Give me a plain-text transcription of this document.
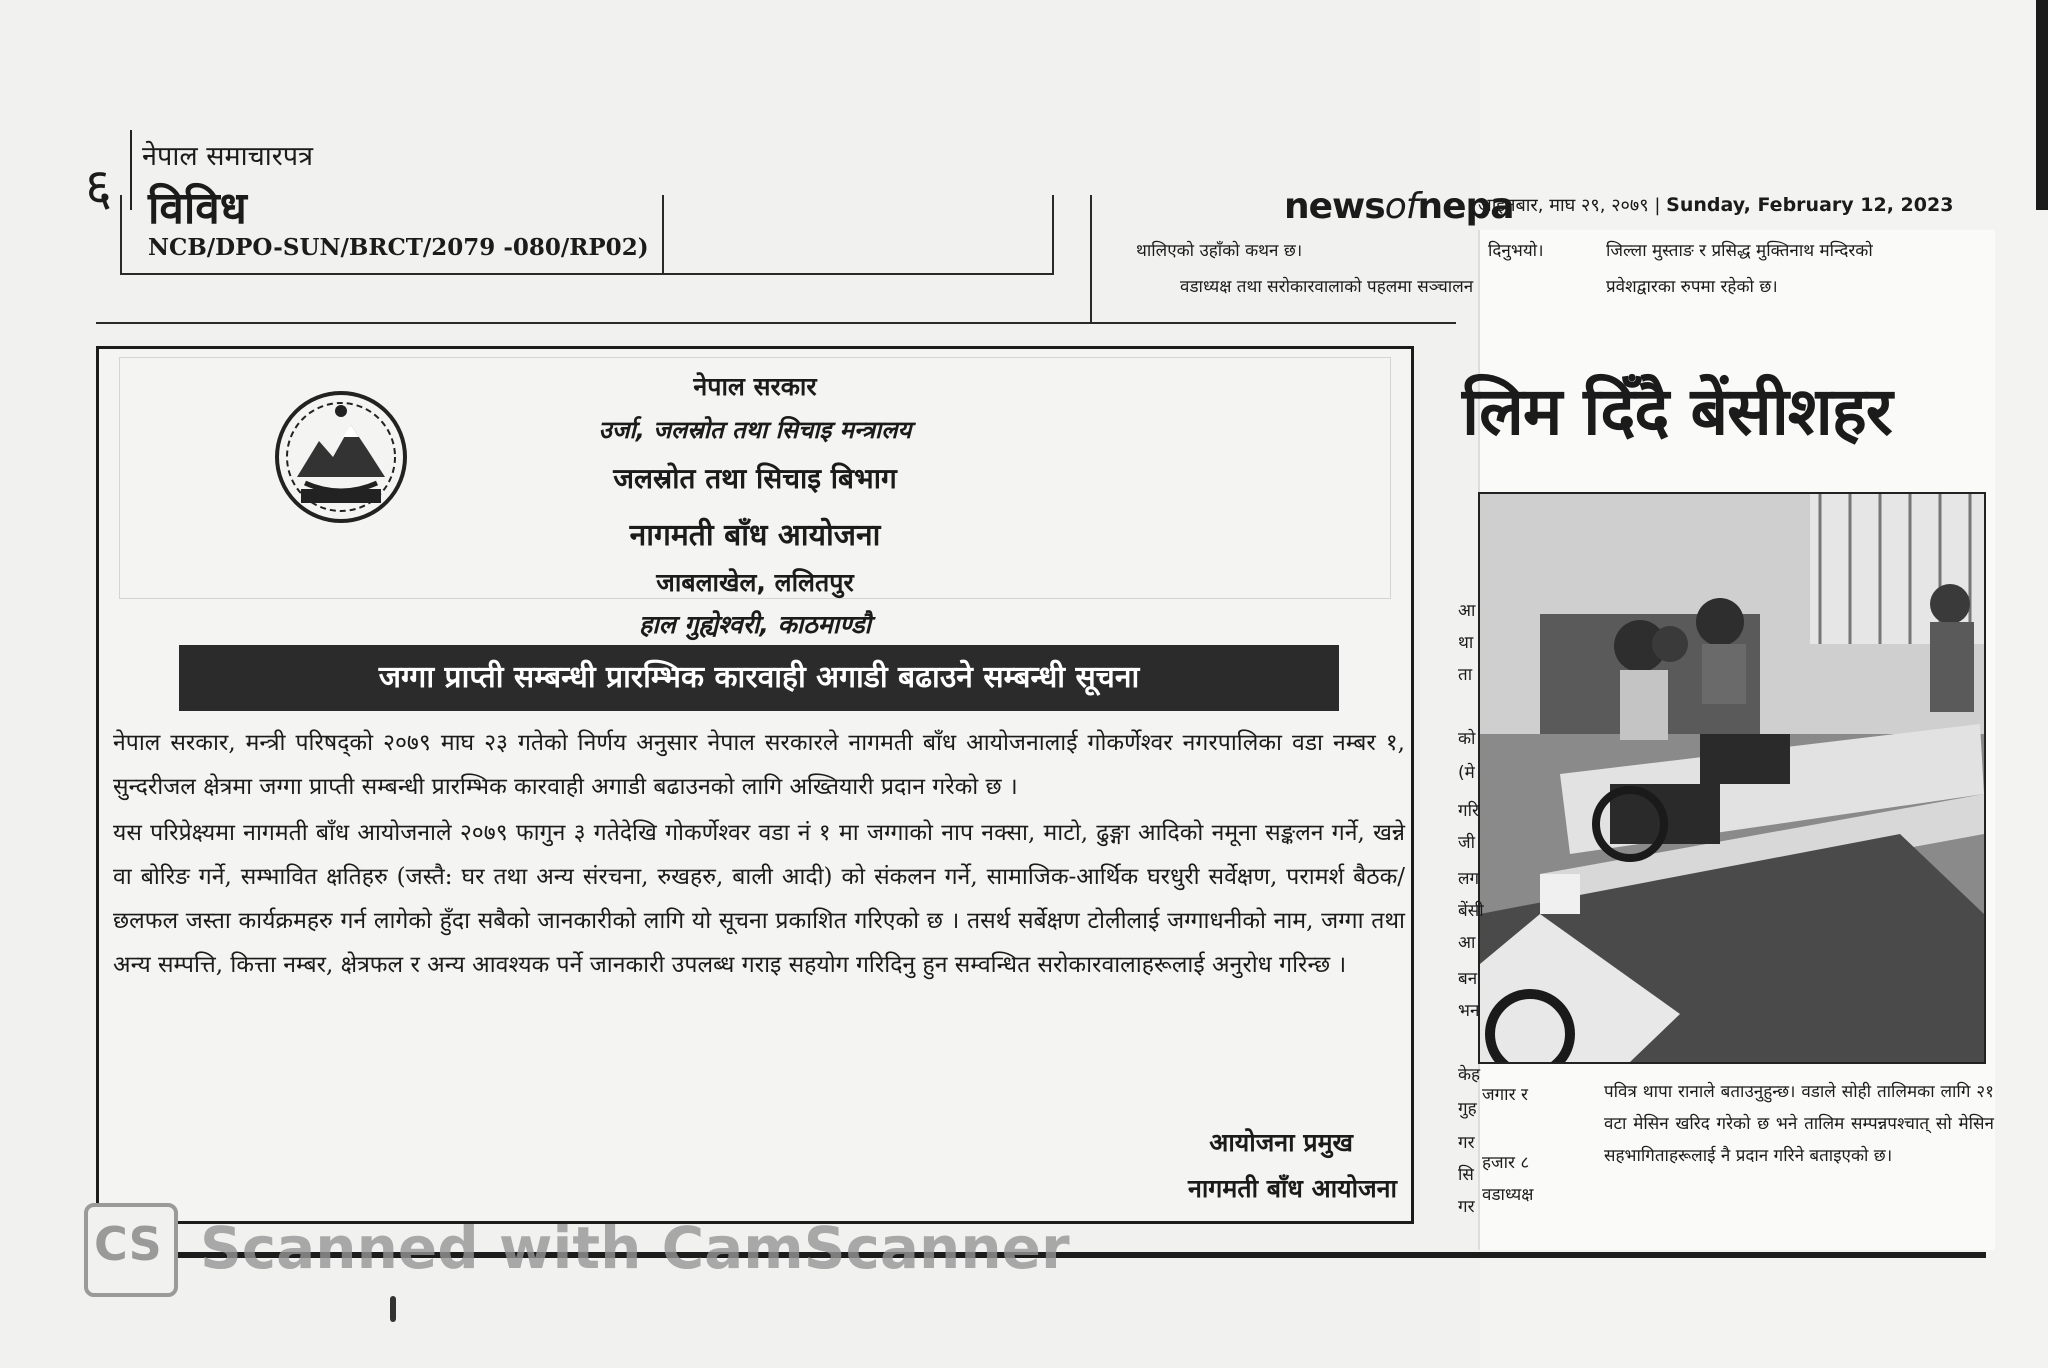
६
नेपाल समाचारपत्र
विविध	newsofnepa
आइतबार, माघ २९, २०७९ | Sunday, February 12, 2023
NCB/DPO-SUN/BRCT/2079 -080/RP02)	थालिएको उहाँको कथन छ।
वडाध्यक्ष तथा सरोकारवालाको पहलमा सञ्चालन
दिनुभयो।	जिल्ला मुस्ताङ र प्रसिद्ध मुक्तिनाथ मन्दिरको
प्रवेशद्वारका रुपमा रहेको छ।
नेपाल सरकार
उर्जा, जलस्रोत तथा सिचाइ मन्त्रालय
जलस्रोत तथा सिचाइ बिभाग
नागमती बाँध आयोजना
जाबलाखेल, ललितपुर
हाल गुह्येश्वरी, काठमाण्डौ
जग्गा प्राप्ती सम्बन्धी प्रारम्भिक कारवाही अगाडी बढाउने सम्बन्धी सूचना

नेपाल सरकार, मन्त्री परिषद्को २०७९ माघ २३ गतेको निर्णय अनुसार नेपाल सरकारले नागमती बाँध आयोजनालाई गोकर्णेश्वर नगरपालिका वडा नम्बर १, सुन्दरीजल क्षेत्रमा जग्गा प्राप्ती सम्बन्धी प्रारम्भिक कारवाही अगाडी बढाउनको लागि अख्तियारी प्रदान गरेको छ ।

यस परिप्रेक्ष्यमा नागमती बाँध आयोजनाले २०७९ फागुन ३ गतेदेखि गोकर्णेश्वर वडा नं १ मा जग्गाको नाप नक्सा, माटो, ढुङ्गा आदिको नमूना सङ्कलन गर्ने, खन्ने वा बोरिङ गर्ने, सम्भावित क्षतिहरु (जस्तै: घर तथा अन्य संरचना, रुखहरु, बाली आदी) को संकलन गर्ने, सामाजिक-आर्थिक घरधुरी सर्वेक्षण, परामर्श बैठक/छलफल जस्ता कार्यक्रमहरु गर्न लागेको हुँदा सबैको जानकारीको लागि यो सूचना प्रकाशित गरिएको छ । तसर्थ सर्बेक्षण टोलीलाई जग्गाधनीको नाम, जग्गा तथा अन्य सम्पत्ति, कित्ता नम्बर, क्षेत्रफल र अन्य आवश्यक पर्ने जानकारी उपलब्ध गराइ सहयोग गरिदिनु हुन सम्वन्धित सरोकारवालाहरूलाई अनुरोध गरिन्छ ।

आयोजना प्रमुख
नागमती बाँध आयोजना
लिम दिँदै बेंसीशहर
आ
था
ता
को
(मे
गरि
जी
लग
बेंसी
आ
बन
भन
केह
गुह
गर
सि
गर
जगार र
हजार ८
वडाध्यक्ष
पवित्र थापा रानाले बताउनुहुन्छ। वडाले सोही तालिमका लागि २१ वटा मेसिन खरिद गरेको छ भने तालिम सम्पन्नपश्चात् सो मेसिन सहभागिताहरूलाई नै प्रदान गरिने बताइएको छ।
CS Scanned with CamScanner
